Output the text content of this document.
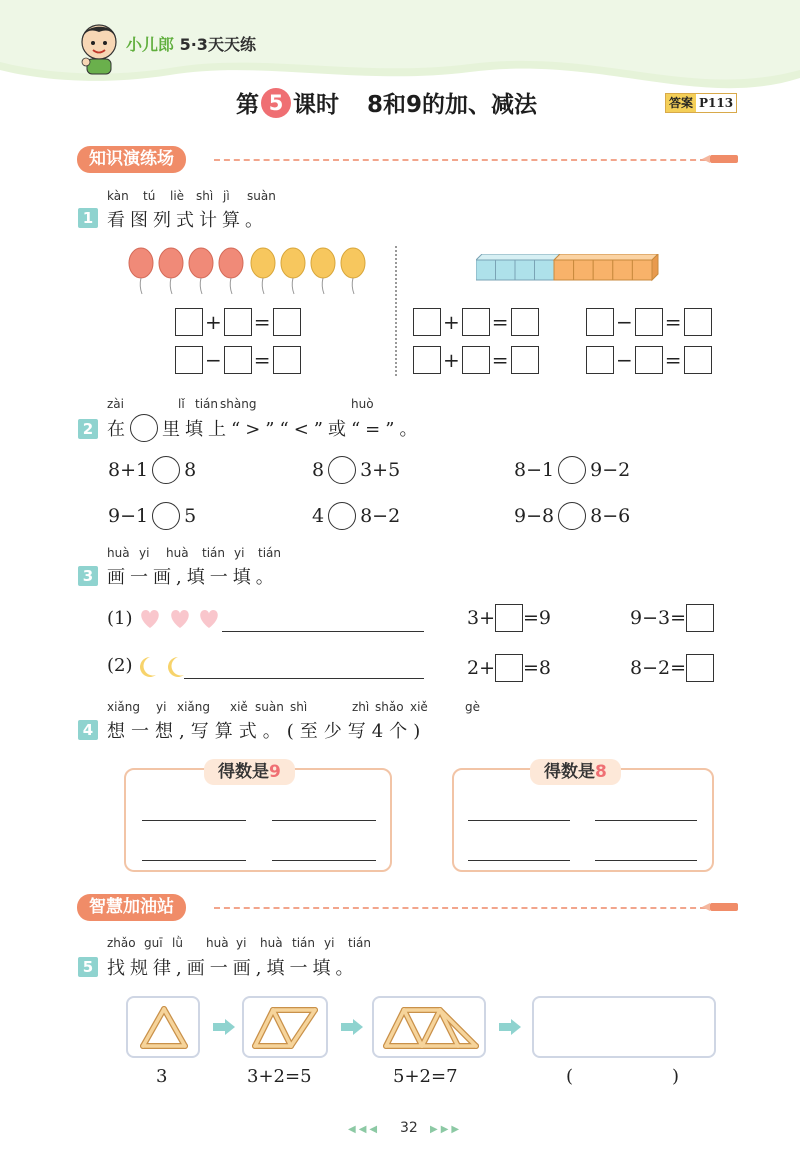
小儿郎 5·3天天练
第 5 课时 8和9的加、减法	答案 P113
知识演练场
kàn tú liè shì jì suàn
1 看图列式计算。
+ =
− =
+ =	− =
+ =	− =
zài	lǐ tián shàng	huò
2 在 里填上“>”“<”或“=”。
8+1 8	8 3+5	8−1 9−2
9−1 5	4 8−2	9−8 8−6
huà yi huà tián yi tián
3 画一画,填一填。
(1)	3+ =9	9−3=
(2)	2+ =8	8−2=
xiǎng yi xiǎng xiě suàn shì	zhì shǎo xiě	gè
4 想一想,写算式。(至少写4个)
得数是9	得数是8
智慧加油站
zhǎo guī lǜ huà yi huà tián yi tián
5 找规律,画一画,填一填。
3	3+2=5	5+2=7	(	)
◀◀◀ 32 ▶▶▶
